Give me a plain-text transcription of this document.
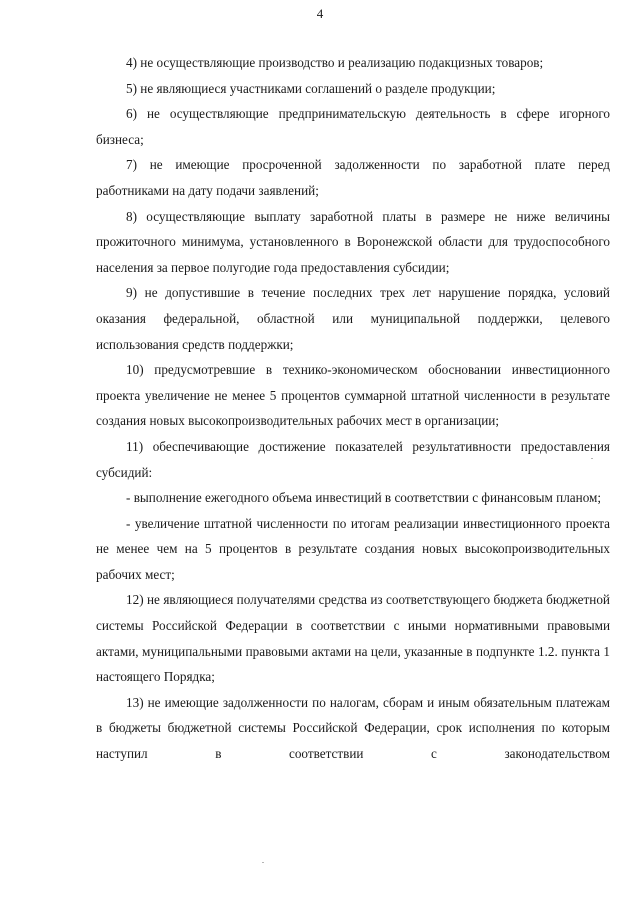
4

4) не осуществляющие производство и реализацию подакцизных товаров;

5) не являющиеся участниками соглашений о разделе продукции;

6) не осуществляющие предпринимательскую деятельность в сфере игорного бизнеса;

7) не имеющие просроченной задолженности по заработной плате перед работниками на дату подачи заявлений;

8) осуществляющие выплату заработной платы в размере не ниже величины прожиточного минимума, установленного в Воронежской области для трудоспособного населения за первое полугодие года предоставления субсидии;

9) не допустившие в течение последних трех лет нарушение порядка, условий оказания федеральной, областной или муниципальной поддержки, целевого использования средств поддержки;

10) предусмотревшие в технико-экономическом обосновании инвестиционного проекта увеличение не менее 5 процентов суммарной штатной численности в результате создания новых высокопроизводительных рабочих мест в организации;

11) обеспечивающие достижение показателей результативности предоставления субсидий:

- выполнение ежегодного объема инвестиций в соответствии с финансовым планом;

- увеличение штатной численности по итогам реализации инвестиционного проекта не менее чем на 5 процентов в результате создания новых высокопроизводительных рабочих мест;

12) не являющиеся получателями средства из соответствующего бюджета бюджетной системы Российской Федерации в соответствии с иными нормативными правовыми актами, муниципальными правовыми актами на цели, указанные в подпункте 1.2. пункта 1 настоящего Порядка;

13) не имеющие задолженности по налогам, сборам и иным обязательным платежам в бюджеты бюджетной системы Российской Федерации, срок исполнения по которым наступил в соответствии с законодательством
